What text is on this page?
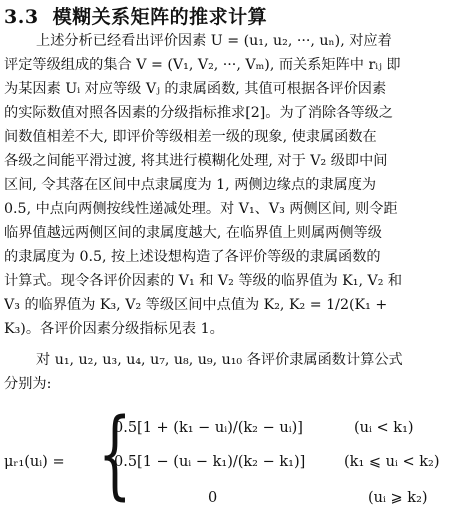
3.3 模糊关系矩阵的推求计算
上述分析已经看出评价因素 U = (u₁, u₂, ···, uₙ), 对应着
评定等级组成的集合 V = (V₁, V₂, ···, Vₘ), 而关系矩阵中 rᵢⱼ 即
为某因素 Uᵢ 对应等级 Vⱼ 的隶属函数, 其值可根据各评价因素
的实际数值对照各因素的分级指标推求[2]。为了消除各等级之
间数值相差不大, 即评价等级相差一级的现象, 使隶属函数在
各级之间能平滑过渡, 将其进行模糊化处理, 对于 V₂ 级即中间
区间, 令其落在区间中点隶属度为 1, 两侧边缘点的隶属度为
0.5, 中点向两侧按线性递减处理。对 V₁、V₃ 两侧区间, 则令距
临界值越远两侧区间的隶属度越大, 在临界值上则属两侧等级
的隶属度为 0.5, 按上述设想构造了各评价等级的隶属函数的
计算式。现令各评价因素的 V₁ 和 V₂ 等级的临界值为 K₁, V₂ 和
V₃ 的临界值为 K₃, V₂ 等级区间中点值为 K₂, K₂ = 1/2(K₁ +
K₃)。各评价因素分级指标见表 1。
对 u₁, u₂, u₃, u₄, u₇, u₈, u₉, u₁₀ 各评价隶属函数计算公式
分别为:
μᵣ₁(uᵢ) = {
0.5[1 + (k₁ − uᵢ)/(k₂ − uᵢ)]	(uᵢ < k₁)
0.5[1 − (uᵢ − k₁)/(k₂ − k₁)]	(k₁ ⩽ uᵢ < k₂)
0	(uᵢ ⩾ k₂)
